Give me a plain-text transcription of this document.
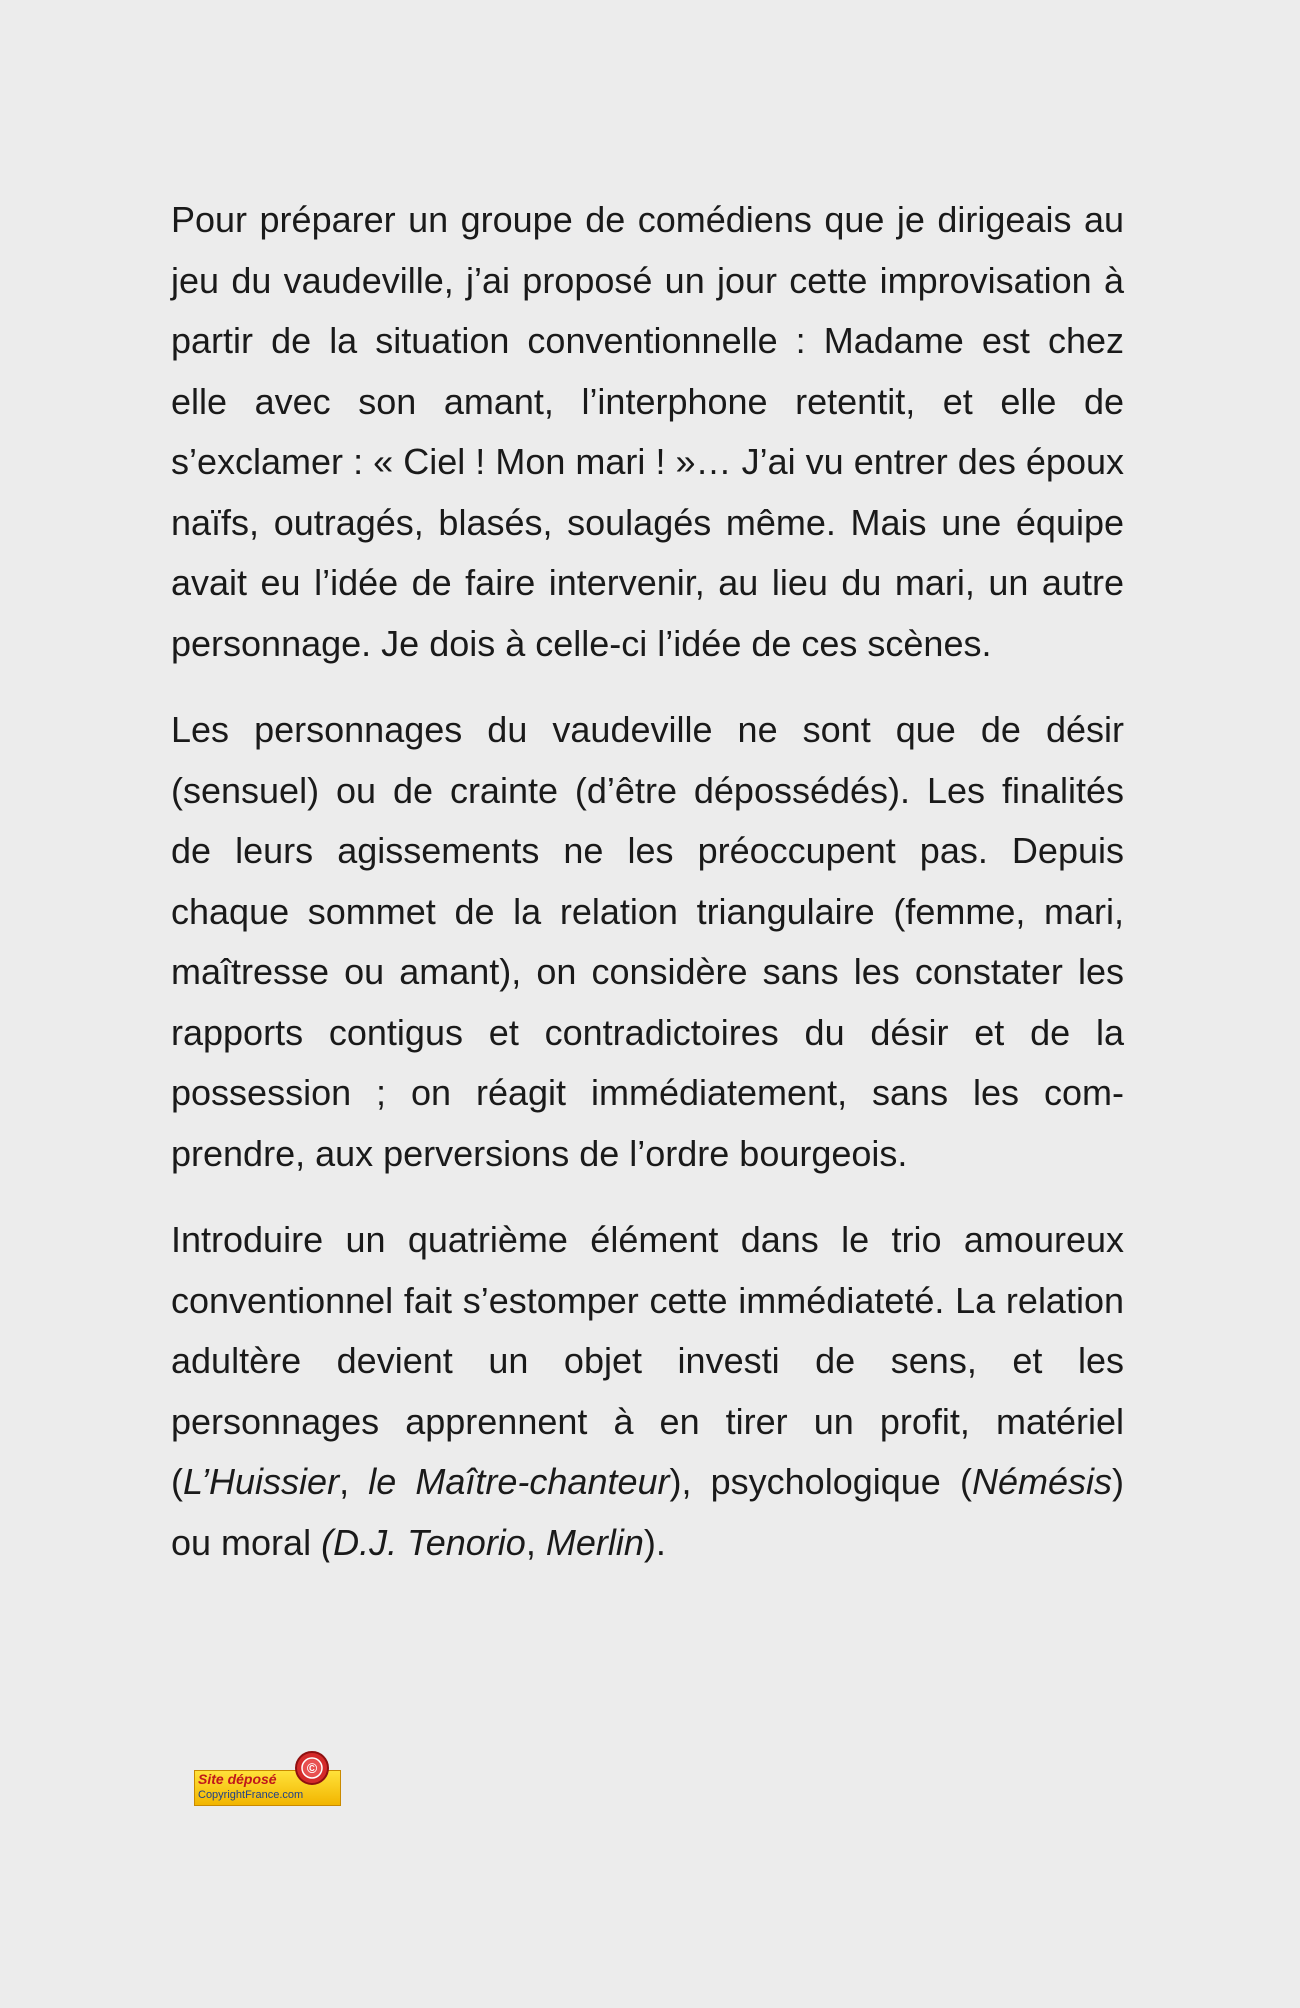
Pour préparer un groupe de comédiens que je dirigeais au jeu du vaudeville, j’ai proposé un jour cette improvisation à partir de la situation conventionnelle : Madame est chez elle avec son amant, l’interphone retentit, et elle de s’exclamer : « Ciel ! Mon mari ! »… J’ai vu entrer des époux naïfs, outragés, blasés, soulagés même. Mais une équipe avait eu l’idée de faire intervenir, au lieu du mari, un autre personnage. Je dois à celle-ci l’idée de ces scènes.

Les personnages du vaudeville ne sont que de désir (sensuel) ou de crainte (d’être dépossédés). Les finalités de leurs agissements ne les préoccupent pas. Depuis chaque sommet de la relation triangulaire (femme, mari, maîtresse ou amant), on considère sans les constater les rapports contigus et contradictoires du désir et de la possession ; on réagit immédiatement, sans les comprendre, aux perversions de l’ordre bourgeois.

Introduire un quatrième élément dans le trio amoureux conventionnel fait s’estomper cette immédiateté. La relation adultère devient un objet investi de sens, et les personnages apprennent à en tirer un profit, matériel (L’Huissier, le Maître-chanteur), psychologique (Némésis) ou moral (D.J. Tenorio, Merlin).

©
Site déposé
CopyrightFrance.com
